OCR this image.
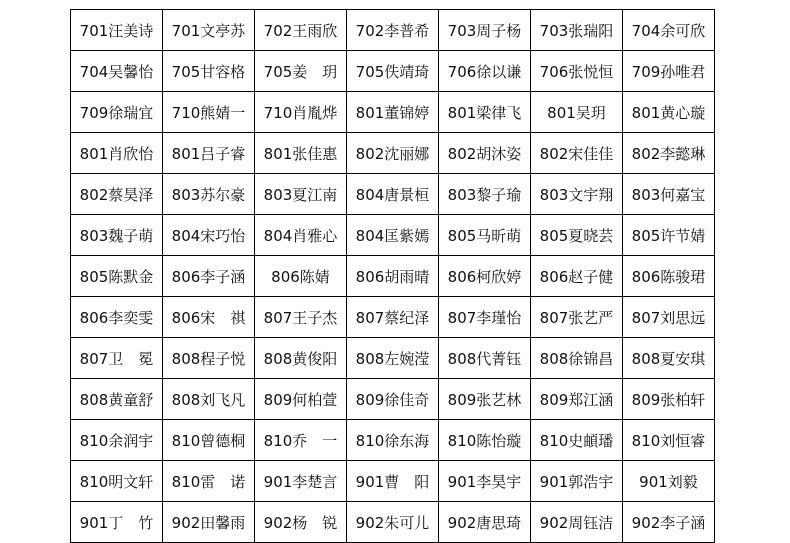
701汪美诗	701文亭苏	702王雨欣	702李普希	703周子杨	703张瑞阳	704余可欣
704吴馨怡	705甘容格	705姜　玥	705佚靖琦	706徐以谦	706张悦恒	709孙唯君
709徐瑞宜	710熊婧一	710肖胤烨	801董锦婷	801梁律飞	801吴玥	801黄心璇
801肖欣怡	801吕子睿	801张佳惠	802沈丽娜	802胡沐姿	802宋佳佳	802李懿琳
802蔡昊泽	803苏尔豪	803夏江南	804唐景桓	803黎子瑜	803文宇翔	803何嘉宝
803魏子萌	804宋巧怡	804肖雅心	804匡紫嫣	805马昕萌	805夏晓芸	805许节婧
805陈默金	806李子涵	806陈婧	806胡雨晴	806柯欣婷	806赵子健	806陈骏珺
806李奕雯	806宋　祺	807王子杰	807蔡纪泽	807李瑾怡	807张艺严	807刘思远
807卫　冕	808程子悦	808黄俊阳	808左婉滢	808代菁钰	808徐锦昌	808夏安琪
808黄童舒	808刘飞凡	809何柏萱	809徐佳奇	809张艺林	809郑江涵	809张柏轩
810余润宇	810曾德桐	810乔　一	810徐东海	810陈怡璇	810史頔璠	810刘恒睿
810明文轩	810雷　诺	901李楚言	901曹　阳	901李昊宇	901郭浩宇	901刘毅
901丁　竹	902田馨雨	902杨　锐	902朱可儿	902唐思琦	902周钰洁	902李子涵
